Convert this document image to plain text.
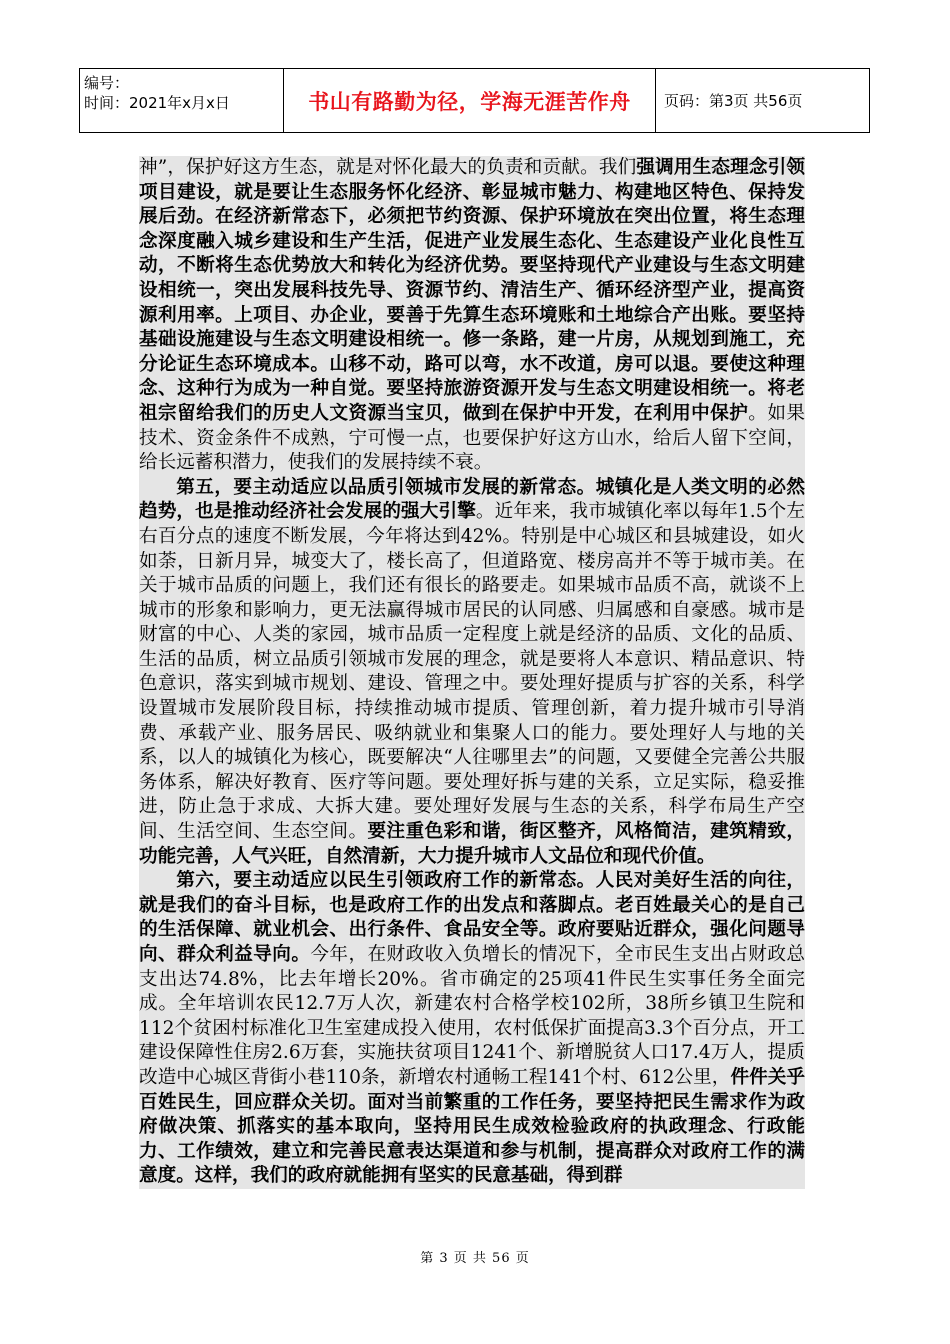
编号：
时间：2021年x月x日	书山有路勤为径，学海无涯苦作舟	页码：第3页 共56页

神”，保护好这方生态，就是对怀化最大的负责和贡献。我们强调用生态理念引领项目建设，就是要让生态服务怀化经济、彰显城市魅力、构建地区特色、保持发展后劲。在经济新常态下，必须把节约资源、保护环境放在突出位置，将生态理念深度融入城乡建设和生产生活，促进产业发展生态化、生态建设产业化良性互动，不断将生态优势放大和转化为经济优势。要坚持现代产业建设与生态文明建设相统一，突出发展科技先导、资源节约、清洁生产、循环经济型产业，提高资源利用率。上项目、办企业，要善于先算生态环境账和土地综合产出账。要坚持基础设施建设与生态文明建设相统一。修一条路，建一片房，从规划到施工，充分论证生态环境成本。山移不动，路可以弯，水不改道，房可以退。要使这种理念、这种行为成为一种自觉。要坚持旅游资源开发与生态文明建设相统一。将老祖宗留给我们的历史人文资源当宝贝，做到在保护中开发，在利用中保护。如果技术、资金条件不成熟，宁可慢一点，也要保护好这方山水，给后人留下空间，给长远蓄积潜力，使我们的发展持续不衰。

第五，要主动适应以品质引领城市发展的新常态。城镇化是人类文明的必然趋势，也是推动经济社会发展的强大引擎。近年来，我市城镇化率以每年1.5个左右百分点的速度不断发展，今年将达到42%。特别是中心城区和县城建设，如火如荼，日新月异，城变大了，楼长高了，但道路宽、楼房高并不等于城市美。在关于城市品质的问题上，我们还有很长的路要走。如果城市品质不高，就谈不上城市的形象和影响力，更无法赢得城市居民的认同感、归属感和自豪感。城市是财富的中心、人类的家园，城市品质一定程度上就是经济的品质、文化的品质、生活的品质，树立品质引领城市发展的理念，就是要将人本意识、精品意识、特色意识，落实到城市规划、建设、管理之中。要处理好提质与扩容的关系，科学设置城市发展阶段目标，持续推动城市提质、管理创新，着力提升城市引导消费、承载产业、服务居民、吸纳就业和集聚人口的能力。要处理好人与地的关系，以人的城镇化为核心，既要解决“人往哪里去”的问题，又要健全完善公共服务体系，解决好教育、医疗等问题。要处理好拆与建的关系，立足实际，稳妥推进，防止急于求成、大拆大建。要处理好发展与生态的关系，科学布局生产空间、生活空间、生态空间。要注重色彩和谐，街区整齐，风格简洁，建筑精致，功能完善，人气兴旺，自然清新，大力提升城市人文品位和现代价值。

第六，要主动适应以民生引领政府工作的新常态。人民对美好生活的向往，就是我们的奋斗目标，也是政府工作的出发点和落脚点。老百姓最关心的是自己的生活保障、就业机会、出行条件、食品安全等。政府要贴近群众，强化问题导向、群众利益导向。今年，在财政收入负增长的情况下，全市民生支出占财政总支出达74.8%，比去年增长20%。省市确定的25项41件民生实事任务全面完成。全年培训农民12.7万人次，新建农村合格学校102所，38所乡镇卫生院和112个贫困村标准化卫生室建成投入使用，农村低保扩面提高3.3个百分点，开工建设保障性住房2.6万套，实施扶贫项目1241个、新增脱贫人口17.4万人，提质改造中心城区背街小巷110条，新增农村通畅工程141个村、612公里，件件关乎百姓民生，回应群众关切。面对当前繁重的工作任务，要坚持把民生需求作为政府做决策、抓落实的基本取向，坚持用民生成效检验政府的执政理念、行政能力、工作绩效，建立和完善民意表达渠道和参与机制，提高群众对政府工作的满意度。这样，我们的政府就能拥有坚实的民意基础，得到群

第 3 页 共 56 页
